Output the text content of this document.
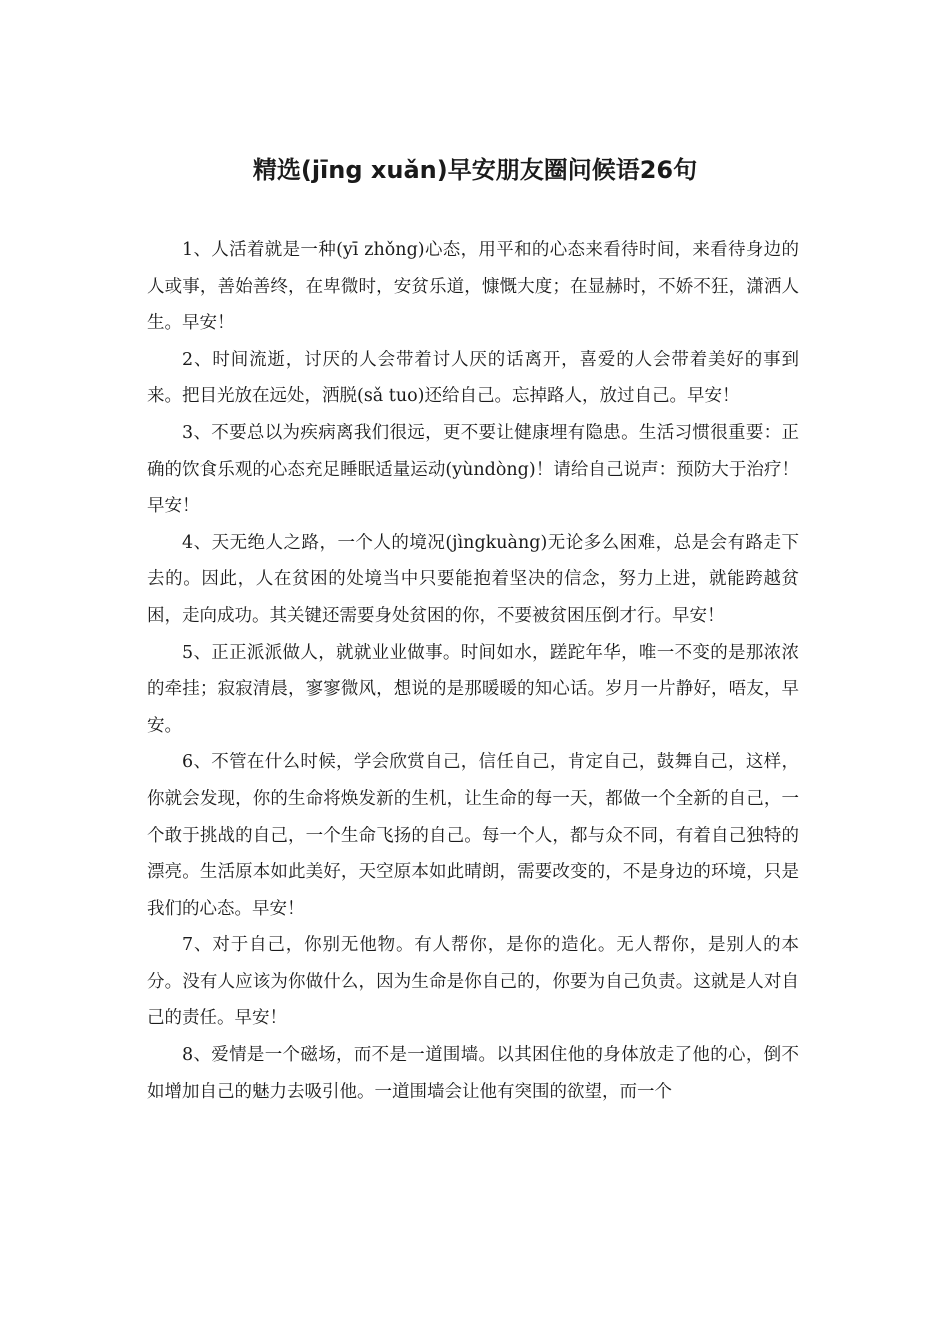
精选(jīng xuǎn)早安朋友圈问候语26句

1、人活着就是一种(yī zhǒng)心态，用平和的心态来看待时间，来看待身边的人或事，善始善终，在卑微时，安贫乐道，慷慨大度；在显赫时，不娇不狂，潇洒人生。早安！

2、时间流逝，讨厌的人会带着讨人厌的话离开，喜爱的人会带着美好的事到来。把目光放在远处，洒脱(sǎ tuo)还给自己。忘掉路人，放过自己。早安！

3、不要总以为疾病离我们很远，更不要让健康埋有隐患。生活习惯很重要：正确的饮食乐观的心态充足睡眠适量运动(yùndòng)！请给自己说声：预防大于治疗！早安！

4、天无绝人之路，一个人的境况(jìngkuàng)无论多么困难，总是会有路走下去的。因此，人在贫困的处境当中只要能抱着坚决的信念，努力上进，就能跨越贫困，走向成功。其关键还需要身处贫困的你，不要被贫困压倒才行。早安！

5、正正派派做人，就就业业做事。时间如水，蹉跎年华，唯一不变的是那浓浓的牵挂；寂寂清晨，寥寥微风，想说的是那暖暖的知心话。岁月一片静好，唔友，早安。

6、不管在什么时候，学会欣赏自己，信任自己，肯定自己，鼓舞自己，这样，你就会发现，你的生命将焕发新的生机，让生命的每一天，都做一个全新的自己，一个敢于挑战的自己，一个生命飞扬的自己。每一个人，都与众不同，有着自己独特的漂亮。生活原本如此美好，天空原本如此晴朗，需要改变的，不是身边的环境，只是我们的心态。早安！

7、对于自己，你别无他物。有人帮你，是你的造化。无人帮你，是别人的本分。没有人应该为你做什么，因为生命是你自己的，你要为自己负责。这就是人对自己的责任。早安！

8、爱情是一个磁场，而不是一道围墙。以其困住他的身体放走了他的心，倒不如增加自己的魅力去吸引他。一道围墙会让他有突围的欲望，而一个
